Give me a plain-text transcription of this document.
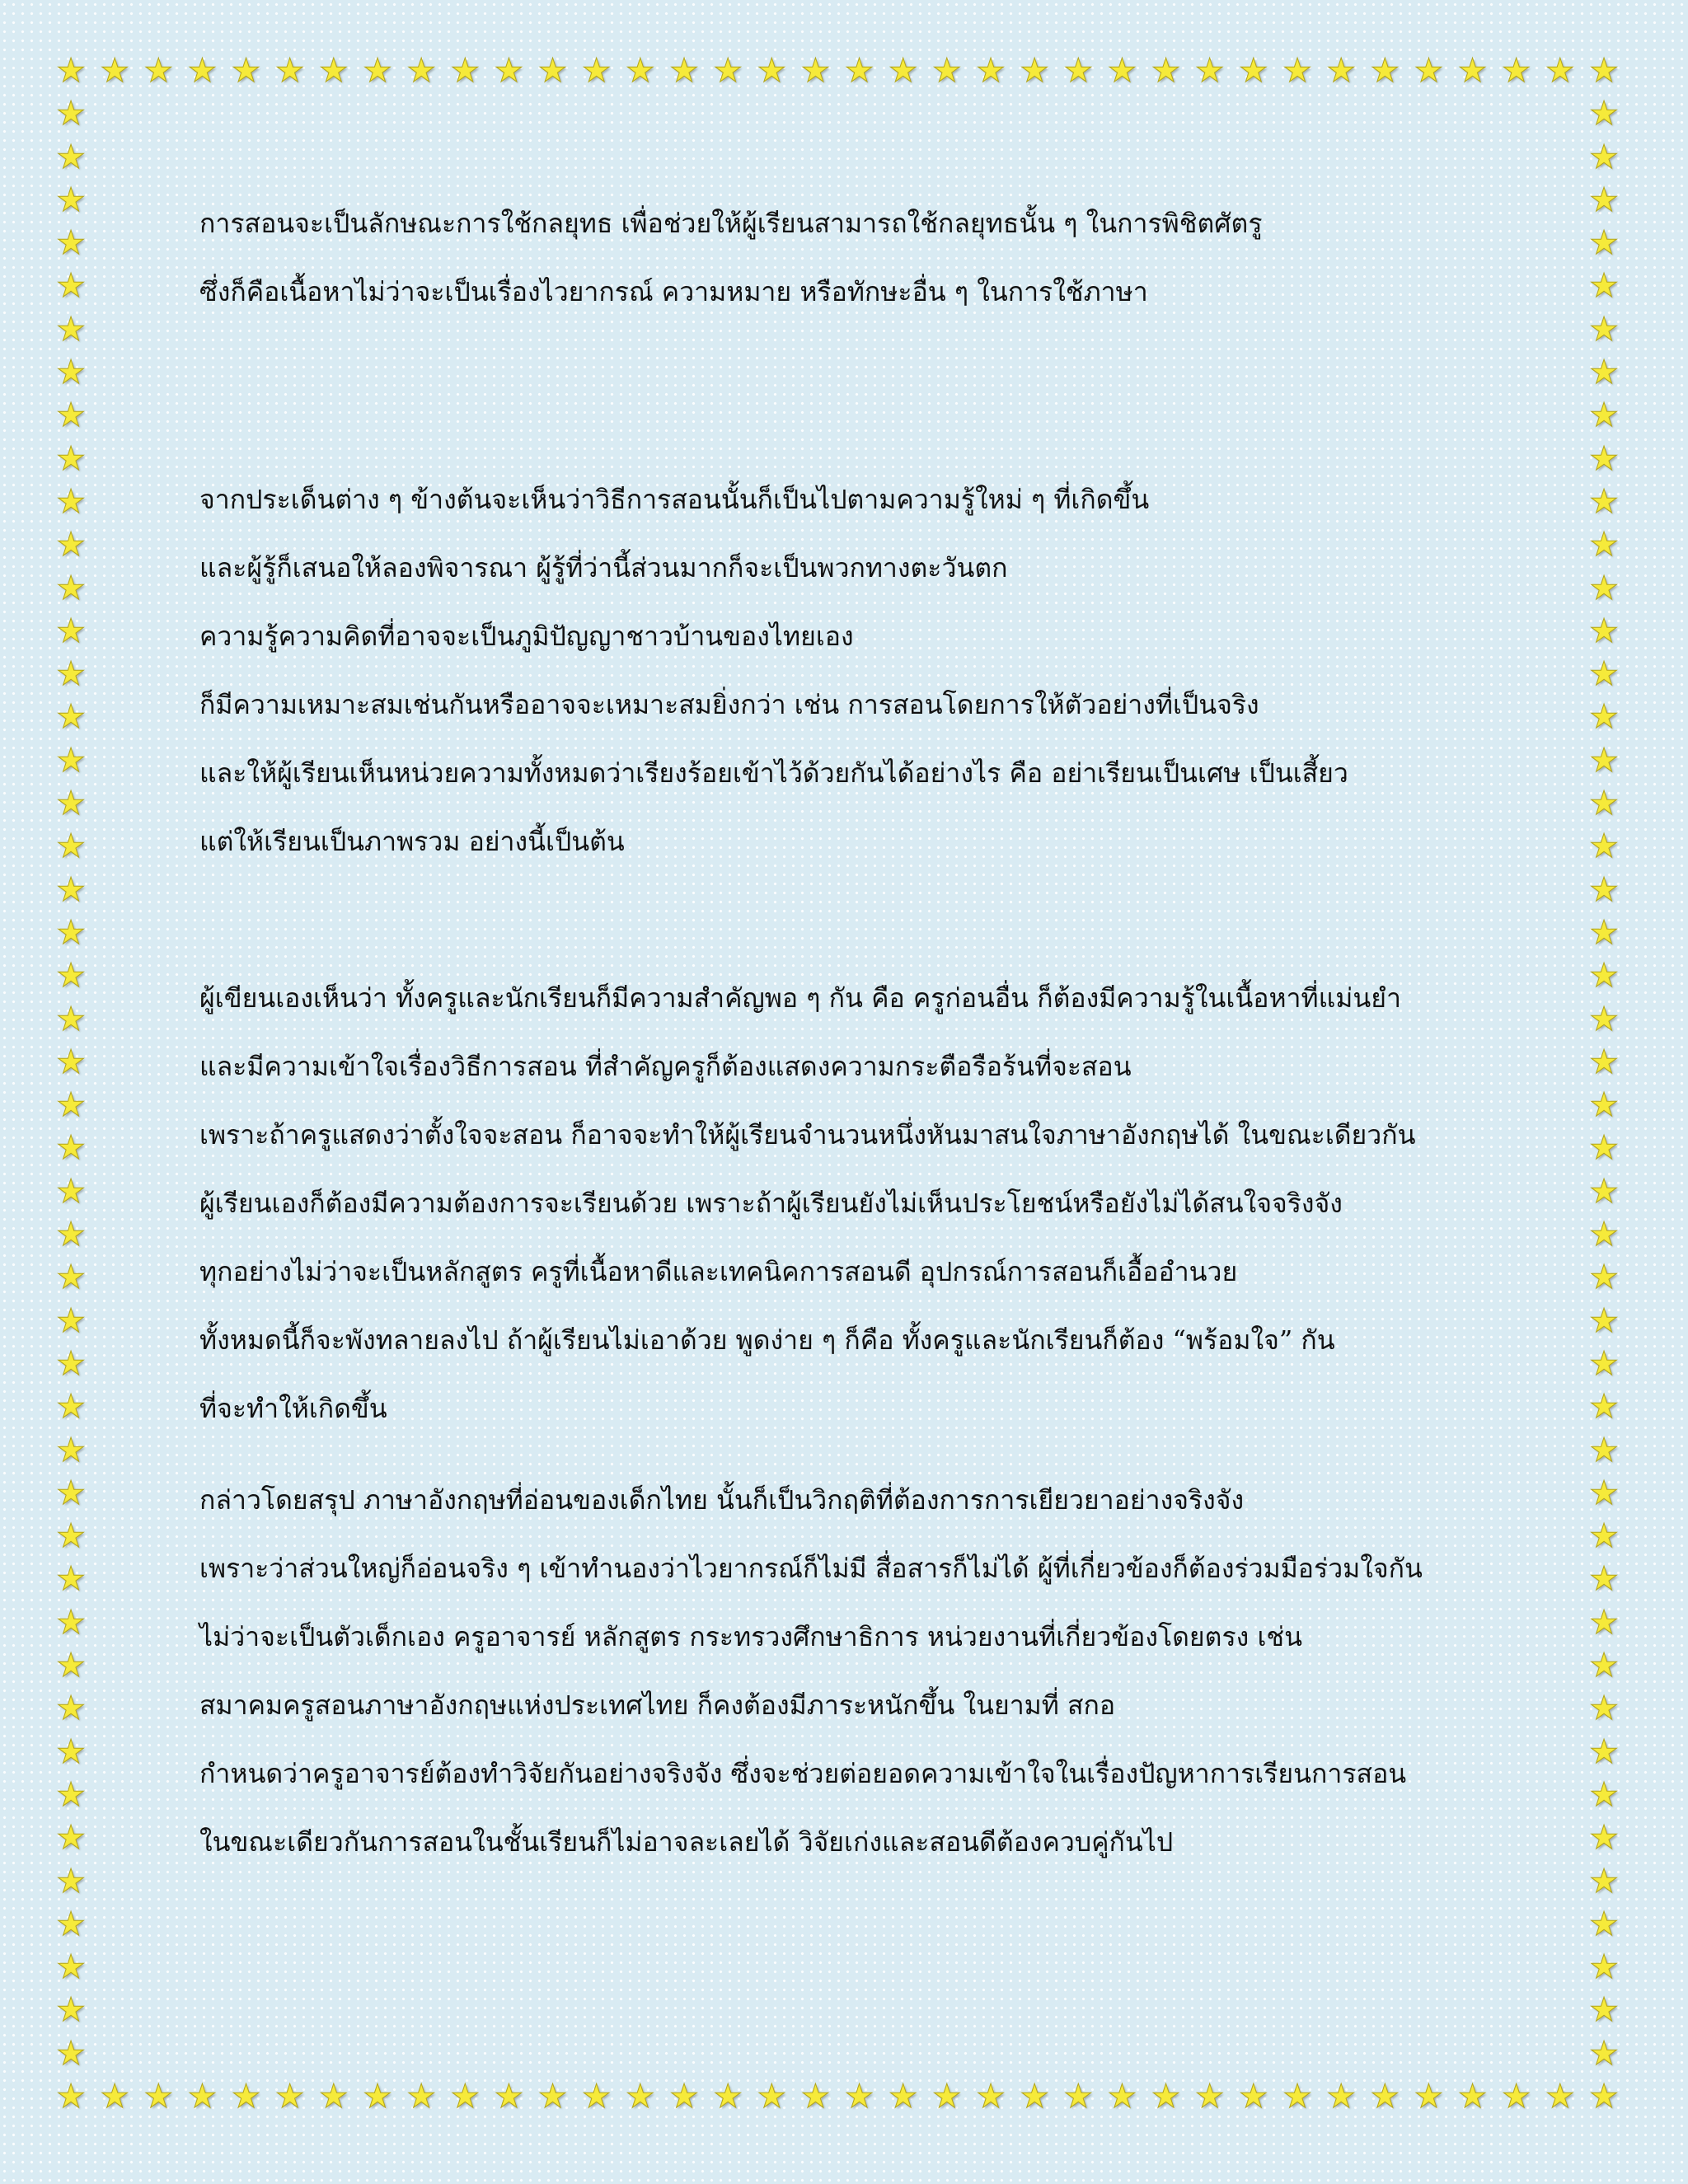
★
★
★
★
★
★
★
★
★
★
★
★
★
★
★
★
★
★
★
★
★
★
★
★
★
★
★
★
★
★
★
★
★
★
★
★
★
★
★
★
★
★
★
★
★
★
★
★
★
★
★
★
★
★
★
★
★
★
★
★
★
★
★
★
★
★
★
★
★
★
★
★
★	★
★	★
★	★
★	★
★	★
★	★
★	★
★	★
★	★
★	★
★	★
★	★
★	★
★	★
★	★
★	★
★	★
★	★
★	★
★	★
★	★
★	★
★	★
★	★
★	★
★	★
★	★
★	★
★	★
★	★
★	★
★	★
★	★
★	★
★	★
★	★
★	★
★	★
★	★
★	★
★	★
★	★
★	★
★	★
★	★
★	★
การสอนจะเป็นลักษณะการใช้กลยุทธ เพื่อช่วยให้ผู้เรียนสามารถใช้กลยุทธนั้น ๆ ในการพิชิตศัตรู
ซึ่งก็คือเนื้อหาไม่ว่าจะเป็นเรื่องไวยากรณ์ ความหมาย หรือทักษะอื่น ๆ ในการใช้ภาษา
จากประเด็นต่าง ๆ ข้างต้นจะเห็นว่าวิธีการสอนนั้นก็เป็นไปตามความรู้ใหม่ ๆ ที่เกิดขึ้น
และผู้รู้ก็เสนอให้ลองพิจารณา ผู้รู้ที่ว่านี้ส่วนมากก็จะเป็นพวกทางตะวันตก
ความรู้ความคิดที่อาจจะเป็นภูมิปัญญาชาวบ้านของไทยเอง
ก็มีความเหมาะสมเช่นกันหรืออาจจะเหมาะสมยิ่งกว่า เช่น การสอนโดยการให้ตัวอย่างที่เป็นจริง
และให้ผู้เรียนเห็นหน่วยความทั้งหมดว่าเรียงร้อยเข้าไว้ด้วยกันได้อย่างไร คือ อย่าเรียนเป็นเศษ เป็นเสี้ยว
แต่ให้เรียนเป็นภาพรวม อย่างนี้เป็นต้น
ผู้เขียนเองเห็นว่า ทั้งครูและนักเรียนก็มีความสำคัญพอ ๆ กัน คือ ครูก่อนอื่น ก็ต้องมีความรู้ในเนื้อหาที่แม่นยำ
และมีความเข้าใจเรื่องวิธีการสอน ที่สำคัญครูก็ต้องแสดงความกระตือรือร้นที่จะสอน
เพราะถ้าครูแสดงว่าตั้งใจจะสอน ก็อาจจะทำให้ผู้เรียนจำนวนหนึ่งหันมาสนใจภาษาอังกฤษได้ ในขณะเดียวกัน
ผู้เรียนเองก็ต้องมีความต้องการจะเรียนด้วย เพราะถ้าผู้เรียนยังไม่เห็นประโยชน์หรือยังไม่ได้สนใจจริงจัง
ทุกอย่างไม่ว่าจะเป็นหลักสูตร ครูที่เนื้อหาดีและเทคนิคการสอนดี อุปกรณ์การสอนก็เอื้ออำนวย
ทั้งหมดนี้ก็จะพังทลายลงไป ถ้าผู้เรียนไม่เอาด้วย พูดง่าย ๆ ก็คือ ทั้งครูและนักเรียนก็ต้อง “พร้อมใจ” กัน
ที่จะทำให้เกิดขึ้น
กล่าวโดยสรุป ภาษาอังกฤษที่อ่อนของเด็กไทย นั้นก็เป็นวิกฤติที่ต้องการการเยียวยาอย่างจริงจัง
เพราะว่าส่วนใหญ่ก็อ่อนจริง ๆ เข้าทำนองว่าไวยากรณ์ก็ไม่มี สื่อสารก็ไม่ได้ ผู้ที่เกี่ยวข้องก็ต้องร่วมมือร่วมใจกัน
ไม่ว่าจะเป็นตัวเด็กเอง ครูอาจารย์ หลักสูตร กระทรวงศึกษาธิการ หน่วยงานที่เกี่ยวข้องโดยตรง เช่น
สมาคมครูสอนภาษาอังกฤษแห่งประเทศไทย ก็คงต้องมีภาระหนักขึ้น ในยามที่ สกอ
กำหนดว่าครูอาจารย์ต้องทำวิจัยกันอย่างจริงจัง ซึ่งจะช่วยต่อยอดความเข้าใจในเรื่องปัญหาการเรียนการสอน
ในขณะเดียวกันการสอนในชั้นเรียนก็ไม่อาจละเลยได้ วิจัยเก่งและสอนดีต้องควบคู่กันไป
